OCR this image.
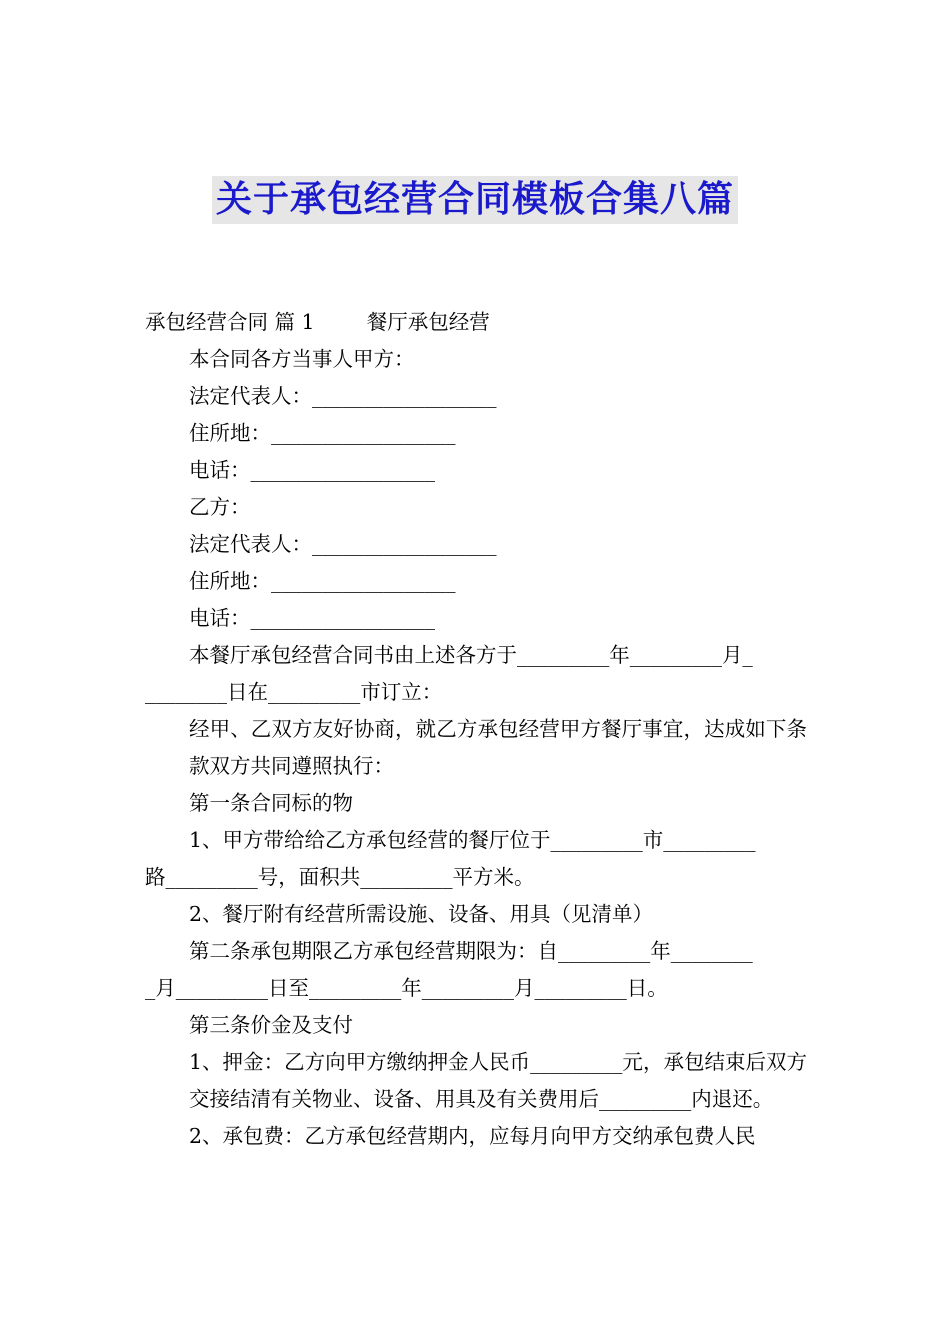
关于承包经营合同模板合集八篇

承包经营合同 篇 1        餐厅承包经营

本合同各方当事人甲方：

法定代表人：__________________

住所地：__________________

电话：__________________

乙方：

法定代表人：__________________

住所地：__________________

电话：__________________

本餐厅承包经营合同书由上述各方于_________年_________月_

________日在_________市订立：

经甲、乙双方友好协商，就乙方承包经营甲方餐厅事宜，达成如下条款双方共同遵照执行：

第一条合同标的物

1、甲方带给给乙方承包经营的餐厅位于_________市_________

路_________号，面积共_________平方米。

2、餐厅附有经营所需设施、设备、用具（见清单）

第二条承包期限乙方承包经营期限为：自_________年________

_月_________日至_________年_________月_________日。

第三条价金及支付

1、押金：乙方向甲方缴纳押金人民币_________元，承包结束后双方交接结清有关物业、设备、用具及有关费用后_________内退还。

2、承包费：乙方承包经营期内，应每月向甲方交纳承包费人民
